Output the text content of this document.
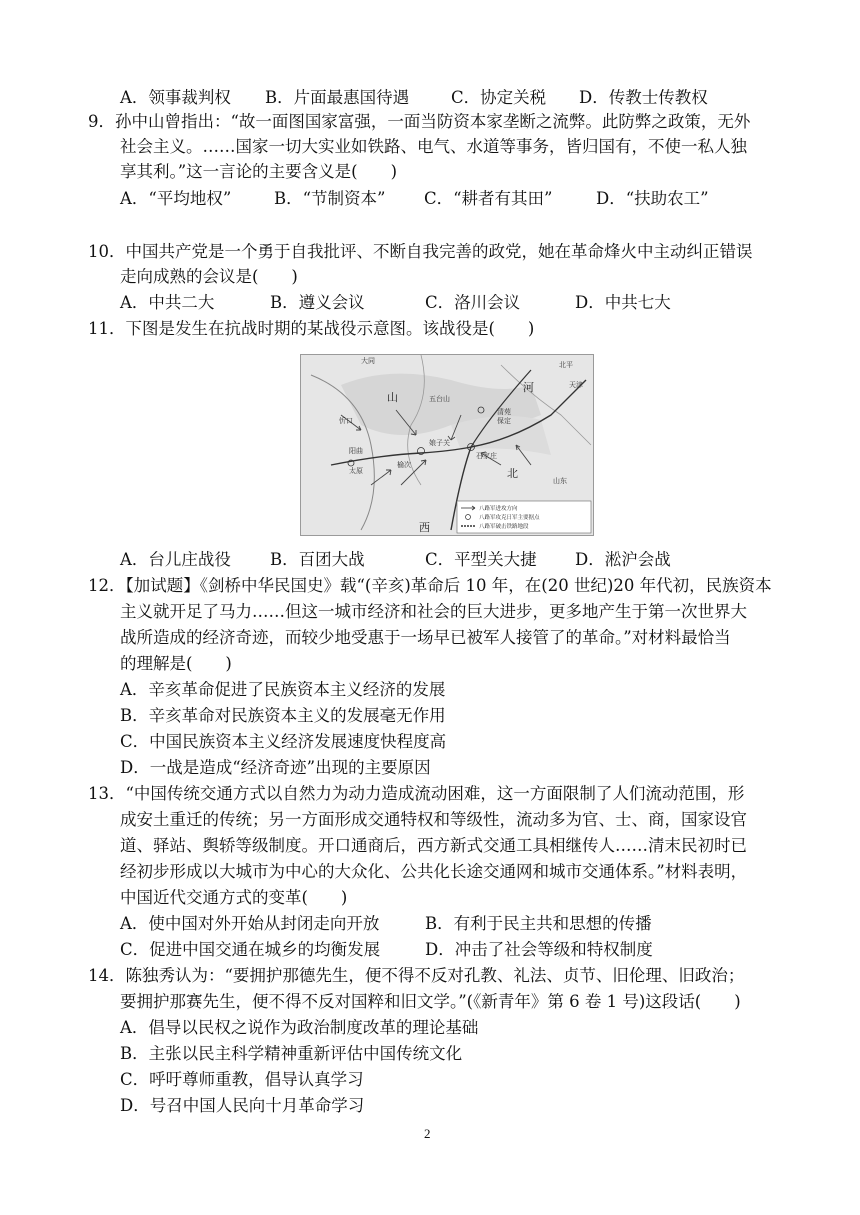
A．领事裁判权 B．片面最惠国待遇	C．协定关税 D．传教士传教权
9．孙中山曾指出：“故一面图国家富强，一面当防资本家垄断之流弊。此防弊之政策，无外
社会主义。……国家一切大实业如铁路、电气、水道等事务，皆归国有，不使一私人独
享其利。”这一言论的主要含义是(　　)
A．“平均地权”	B．“节制资本” C．“耕者有其田”	D．“扶助农工”
10．中国共产党是一个勇于自我批评、不断自我完善的政党，她在革命烽火中主动纠正错误
走向成熟的会议是(　　)
A．中共二大	B．遵义会议	C．洛川会议	D．中共七大
11．下图是发生在抗战时期的某战役示意图。该战役是(　　)
大同	北平
天津
五台山
保定
清苑
忻口
娘子关
石家庄
阳曲
太原
榆次
山
河
北
西
山东
八路军进攻方向
八路军攻克日军主要据点
八路军破击铁路地段
A．台儿庄战役 B．百团大战	C．平型关大捷 D．淞沪会战
12．【加试题】《剑桥中华民国史》载“(辛亥)革命后 10 年，在(20 世纪)20 年代初，民族资本
主义就开足了马力……但这一城市经济和社会的巨大进步，更多地产生于第一次世界大
战所造成的经济奇迹，而较少地受惠于一场早已被军人接管了的革命。”对材料最恰当
的理解是(　　)
A．辛亥革命促进了民族资本主义经济的发展
B．辛亥革命对民族资本主义的发展毫无作用
C．中国民族资本主义经济发展速度快程度高
D．一战是造成“经济奇迹”出现的主要原因
13．“中国传统交通方式以自然力为动力造成流动困难，这一方面限制了人们流动范围，形
成安土重迁的传统；另一方面形成交通特权和等级性，流动多为官、士、商，国家设官
道、驿站、舆轿等级制度。开口通商后，西方新式交通工具相继传人……清末民初时已
经初步形成以大城市为中心的大众化、公共化长途交通网和城市交通体系。”材料表明，
中国近代交通方式的变革(　　)
A．使中国对外开始从封闭走向开放	B．有利于民主共和思想的传播
C．促进中国交通在城乡的均衡发展	D．冲击了社会等级和特权制度
14．陈独秀认为：“要拥护那德先生，便不得不反对孔教、礼法、贞节、旧伦理、旧政治；
要拥护那赛先生，便不得不反对国粹和旧文学。”(《新青年》第 6 卷 1 号)这段话(　　)
A．倡导以民权之说作为政治制度改革的理论基础
B．主张以民主科学精神重新评估中国传统文化
C．呼吁尊师重教，倡导认真学习
D．号召中国人民向十月革命学习
2
